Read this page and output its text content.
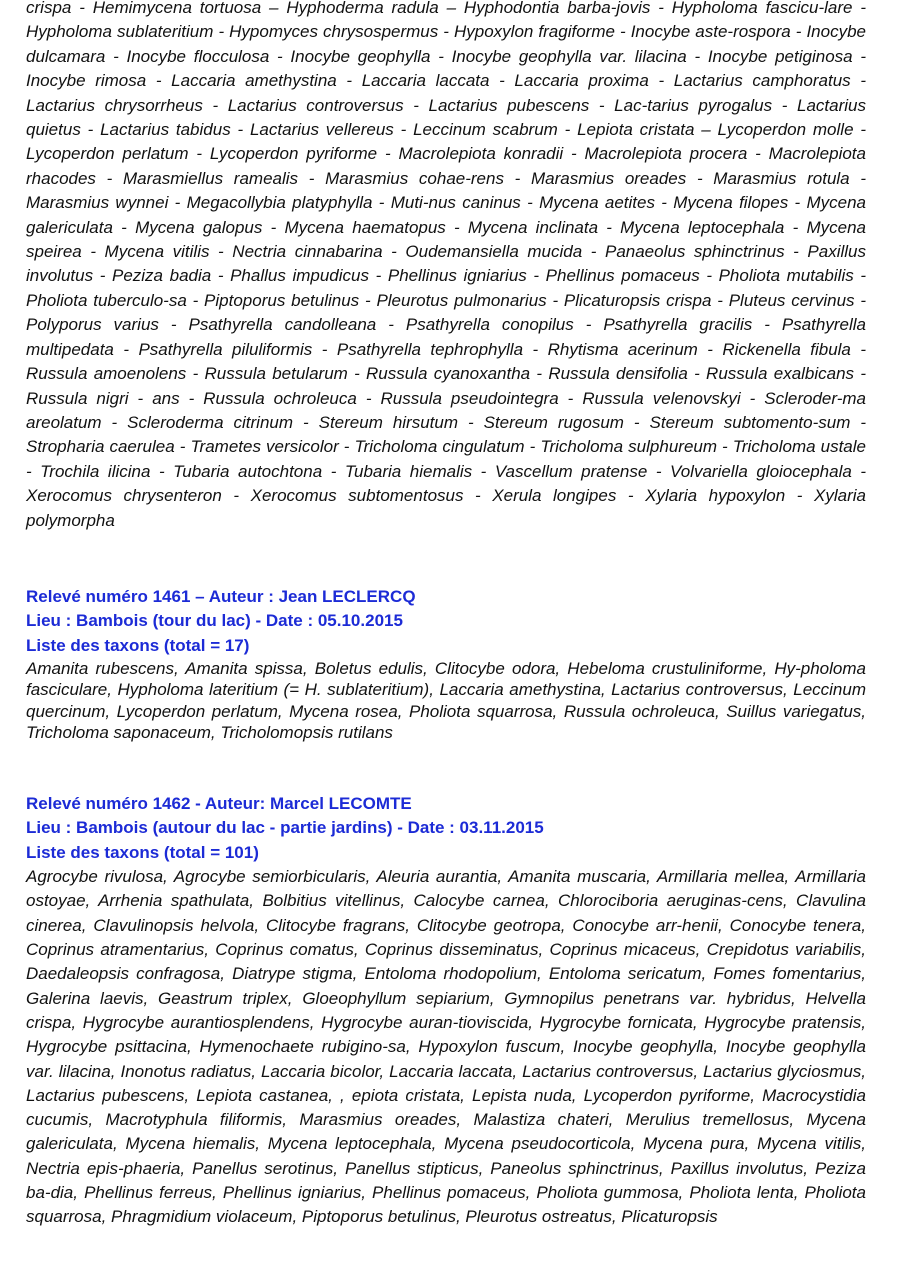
crispa - Hemimycena tortuosa – Hyphoderma radula – Hyphodontia barba-jovis - Hypholoma fascicu-lare - Hypholoma sublateritium - Hypomyces chrysospermus - Hypoxylon fragiforme - Inocybe aste-rospora - Inocybe dulcamara - Inocybe flocculosa - Inocybe geophylla - Inocybe geophylla var. lilacina - Inocybe petiginosa - Inocybe rimosa - Laccaria amethystina - Laccaria laccata - Laccaria proxima - Lactarius camphoratus - Lactarius chrysorrheus - Lactarius controversus - Lactarius pubescens - Lac-tarius pyrogalus - Lactarius quietus - Lactarius tabidus - Lactarius vellereus - Leccinum scabrum - Lepiota cristata – Lycoperdon molle - Lycoperdon perlatum - Lycoperdon pyriforme - Macrolepiota konradii - Macrolepiota procera - Macrolepiota rhacodes - Marasmiellus ramealis - Marasmius cohae-rens - Marasmius oreades - Marasmius rotula - Marasmius wynnei - Megacollybia platyphylla - Muti-nus caninus - Mycena aetites - Mycena filopes - Mycena galericulata - Mycena galopus - Mycena haematopus - Mycena inclinata - Mycena leptocephala - Mycena speirea - Mycena vitilis - Nectria cinnabarina - Oudemansiella mucida - Panaeolus sphinctrinus - Paxillus involutus - Peziza badia - Phallus impudicus - Phellinus igniarius - Phellinus pomaceus - Pholiota mutabilis - Pholiota tuberculo-sa - Piptoporus betulinus - Pleurotus pulmonarius - Plicaturopsis crispa - Pluteus cervinus - Polyporus varius - Psathyrella candolleana - Psathyrella conopilus - Psathyrella gracilis - Psathyrella multipedata - Psathyrella piluliformis - Psathyrella tephrophylla - Rhytisma acerinum - Rickenella fibula - Russula amoenolens - Russula betularum - Russula cyanoxantha - Russula densifolia - Russula exalbicans - Russula nigri - ans - Russula ochroleuca - Russula pseudointegra - Russula velenovskyi - Scleroder-ma areolatum - Scleroderma citrinum - Stereum hirsutum - Stereum rugosum - Stereum subtomento-sum - Stropharia caerulea - Trametes versicolor - Tricholoma cingulatum - Tricholoma sulphureum - Tricholoma ustale - Trochila ilicina - Tubaria autochtona - Tubaria hiemalis - Vascellum pratense - Volvariella gloiocephala - Xerocomus chrysenteron - Xerocomus subtomentosus - Xerula longipes - Xylaria hypoxylon - Xylaria polymorpha

Relevé numéro 1461 – Auteur : Jean LECLERCQ

Lieu : Bambois (tour du lac) - Date : 05.10.2015

Liste des taxons (total = 17)

Amanita rubescens, Amanita spissa, Boletus edulis, Clitocybe odora, Hebeloma crustuliniforme, Hy-pholoma fasciculare, Hypholoma lateritium (= H. sublateritium), Laccaria amethystina, Lactarius controversus, Leccinum quercinum, Lycoperdon perlatum, Mycena rosea, Pholiota squarrosa, Russula ochroleuca, Suillus variegatus, Tricholoma saponaceum, Tricholomopsis rutilans

Relevé numéro 1462 - Auteur: Marcel LECOMTE

Lieu : Bambois (autour du lac - partie jardins) - Date : 03.11.2015

Liste des taxons (total = 101)

Agrocybe rivulosa, Agrocybe semiorbicularis, Aleuria aurantia, Amanita muscaria, Armillaria mellea, Armillaria ostoyae, Arrhenia spathulata, Bolbitius vitellinus, Calocybe carnea, Chlorociboria aeruginas-cens, Clavulina cinerea, Clavulinopsis helvola, Clitocybe fragrans, Clitocybe geotropa, Conocybe arr-henii, Conocybe tenera, Coprinus atramentarius, Coprinus comatus, Coprinus disseminatus, Coprinus micaceus, Crepidotus variabilis, Daedaleopsis confragosa, Diatrype stigma, Entoloma rhodopolium, Entoloma sericatum, Fomes fomentarius, Galerina laevis, Geastrum triplex, Gloeophyllum sepiarium, Gymnopilus penetrans var. hybridus, Helvella crispa, Hygrocybe aurantiosplendens, Hygrocybe auran-tioviscida, Hygrocybe fornicata, Hygrocybe pratensis, Hygrocybe psittacina, Hymenochaete rubigino-sa, Hypoxylon fuscum, Inocybe geophylla, Inocybe geophylla var. lilacina, Inonotus radiatus, Laccaria bicolor, Laccaria laccata, Lactarius controversus, Lactarius glyciosmus, Lactarius pubescens, Lepiota castanea, , epiota cristata, Lepista nuda, Lycoperdon pyriforme, Macrocystidia cucumis, Macrotyphula filiformis, Marasmius oreades, Malastiza chateri, Merulius tremellosus, Mycena galericulata, Mycena hiemalis, Mycena leptocephala, Mycena pseudocorticola, Mycena pura, Mycena vitilis, Nectria epis-phaeria, Panellus serotinus, Panellus stipticus, Paneolus sphinctrinus, Paxillus involutus, Peziza ba-dia, Phellinus ferreus, Phellinus igniarius, Phellinus pomaceus, Pholiota gummosa, Pholiota lenta, Pholiota squarrosa, Phragmidium violaceum, Piptoporus betulinus, Pleurotus ostreatus, Plicaturopsis
